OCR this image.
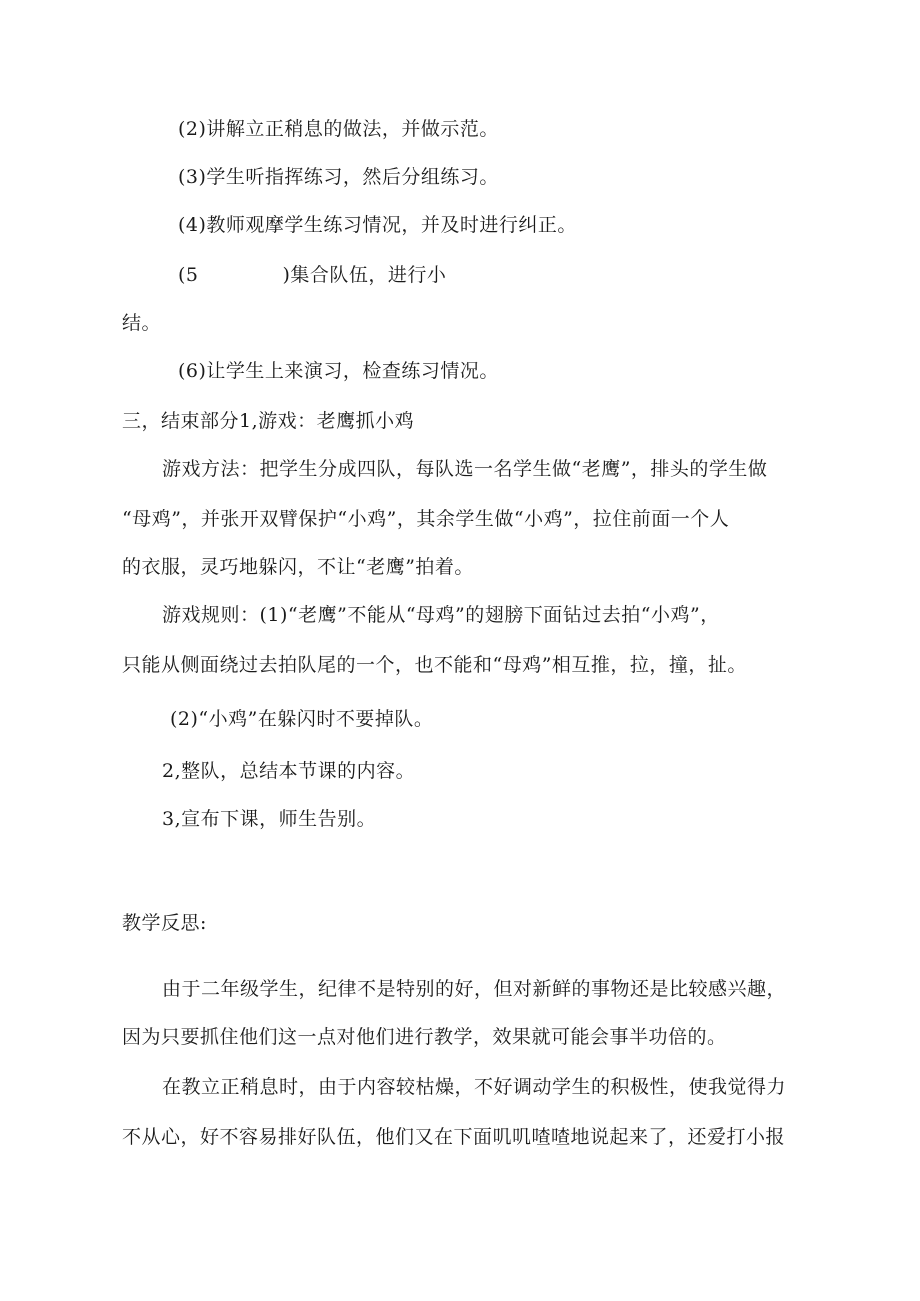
(2)讲解立正稍息的做法，并做示范。
(3)学生听指挥练习，然后分组练习。
(4)教师观摩学生练习情况，并及时进行纠正。
(5	)集合队伍，进行小
结。
(6)让学生上来演习，检查练习情况。
三，结束部分1,游戏：老鹰抓小鸡
游戏方法：把学生分成四队，每队选一名学生做“老鹰”，排头的学生做
“母鸡”，并张开双臂保护“小鸡”，其余学生做“小鸡”，拉住前面一个人
的衣服，灵巧地躲闪，不让“老鹰”拍着。
游戏规则：(1)“老鹰”不能从“母鸡”的翅膀下面钻过去拍“小鸡”，
只能从侧面绕过去拍队尾的一个，也不能和“母鸡”相互推，拉，撞，扯。
(2)“小鸡”在躲闪时不要掉队。
2,整队，总结本节课的内容。
3,宣布下课，师生告别。
教学反思:
由于二年级学生，纪律不是特别的好，但对新鲜的事物还是比较感兴趣，
因为只要抓住他们这一点对他们进行教学，效果就可能会事半功倍的。
在教立正稍息时，由于内容较枯燥，不好调动学生的积极性，使我觉得力
不从心，好不容易排好队伍，他们又在下面叽叽喳喳地说起来了，还爱打小报
